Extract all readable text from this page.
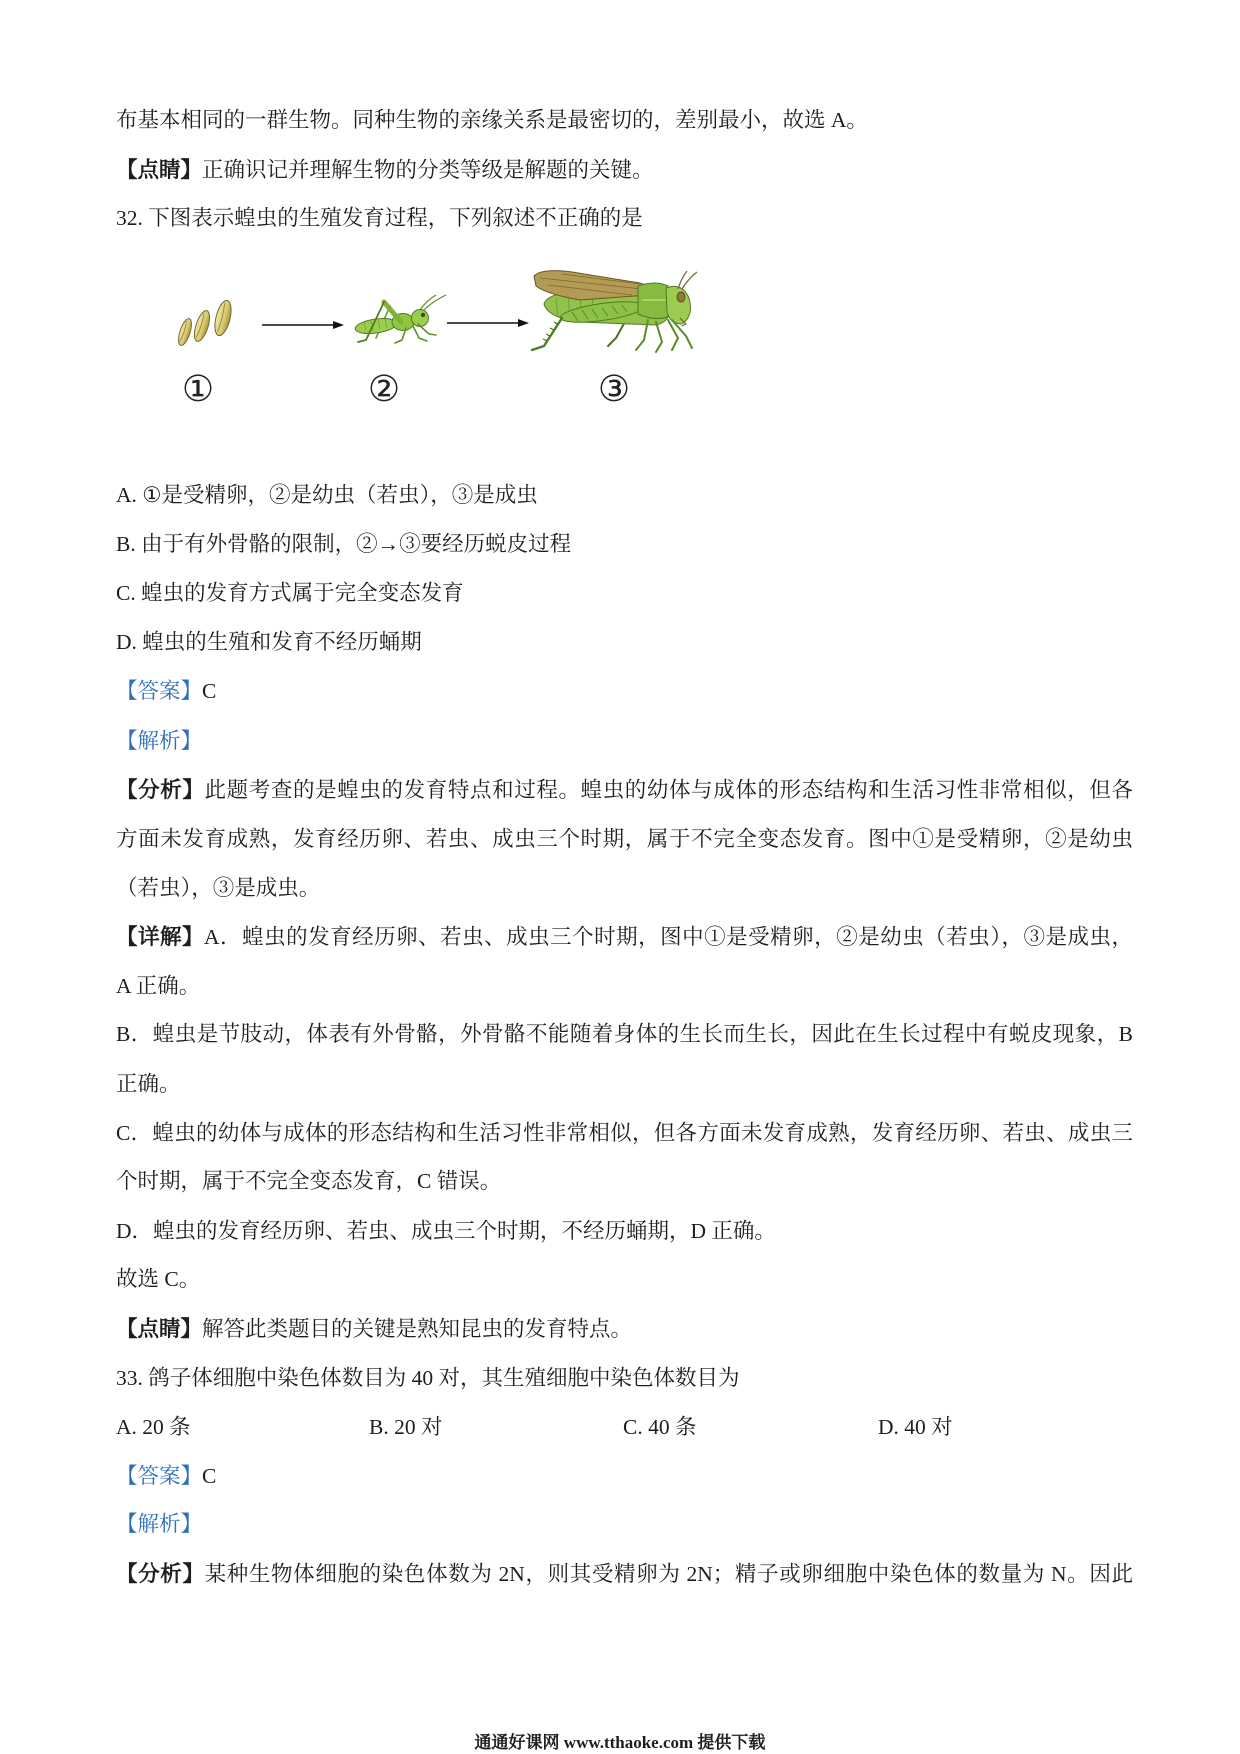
布基本相同的一群生物。同种生物的亲缘关系是最密切的，差别最小，故选 A。
【点睛】正确识记并理解生物的分类等级是解题的关键。
32. 下图表示蝗虫的生殖发育过程，下列叙述不正确的是
①	②	③
A. ①是受精卵，②是幼虫（若虫），③是成虫
B. 由于有外骨骼的限制，②→③要经历蜕皮过程
C. 蝗虫的发育方式属于完全变态发育
D. 蝗虫的生殖和发育不经历蛹期
【答案】C
【解析】
【分析】此题考查的是蝗虫的发育特点和过程。蝗虫的幼体与成体的形态结构和生活习性非常相似，但各
方面未发育成熟，发育经历卵、若虫、成虫三个时期，属于不完全变态发育。图中①是受精卵，②是幼虫
（若虫），③是成虫。
【详解】A．蝗虫的发育经历卵、若虫、成虫三个时期，图中①是受精卵，②是幼虫（若虫），③是成虫，
A 正确。
B．蝗虫是节肢动，体表有外骨骼，外骨骼不能随着身体的生长而生长，因此在生长过程中有蜕皮现象，B
正确。
C．蝗虫的幼体与成体的形态结构和生活习性非常相似，但各方面未发育成熟，发育经历卵、若虫、成虫三
个时期，属于不完全变态发育，C 错误。
D．蝗虫的发育经历卵、若虫、成虫三个时期，不经历蛹期，D 正确。
故选 C。
【点睛】解答此类题目的关键是熟知昆虫的发育特点。
33. 鸽子体细胞中染色体数目为 40 对，其生殖细胞中染色体数目为
A. 20 条	B. 20 对	C. 40 条	D. 40 对
【答案】C
【解析】
【分析】某种生物体细胞的染色体数为 2N，则其受精卵为 2N；精子或卵细胞中染色体的数量为 N。因此
通通好课网 www.tthaoke.com 提供下载
